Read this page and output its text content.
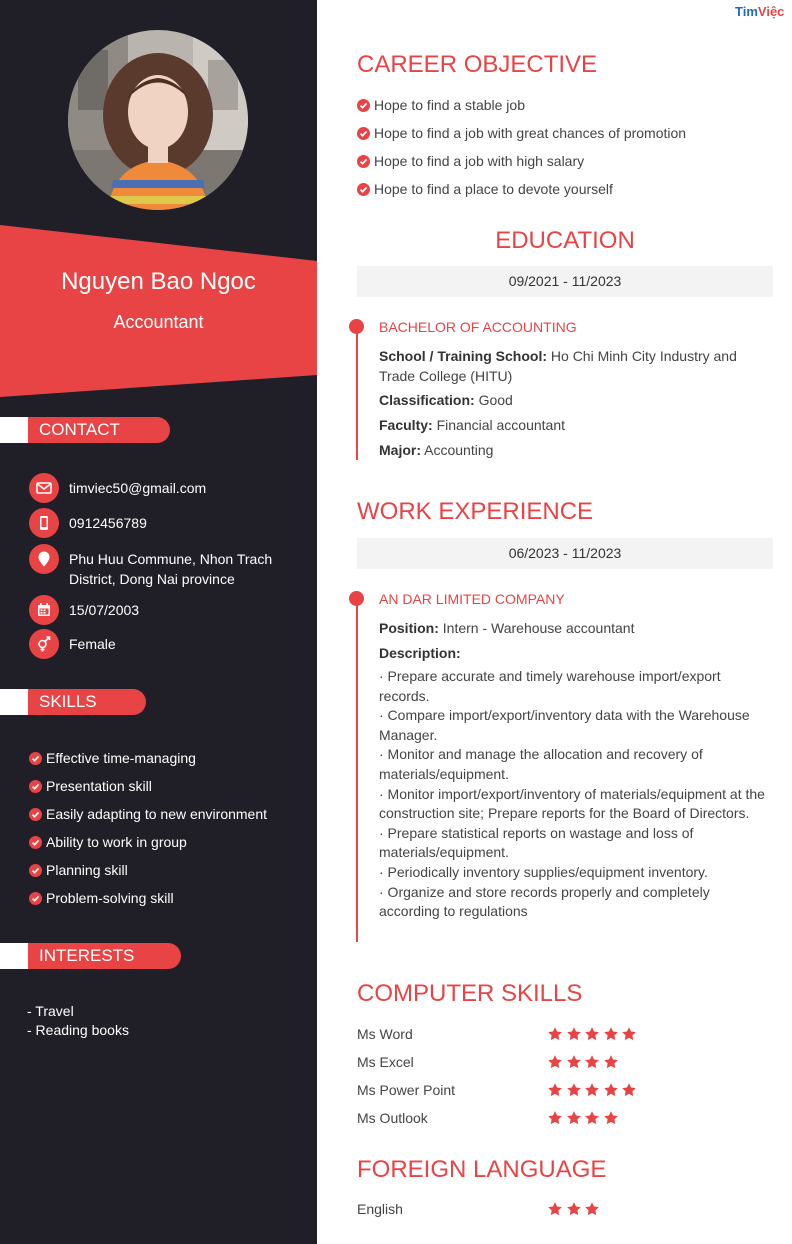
Nguyen Bao Ngoc
Accountant
CONTACT
timviec50@gmail.com
0912456789
Phu Huu Commune, Nhon Trach District, Dong Nai province
15/07/2003
Female
SKILLS
Effective time-managing
Presentation skill
Easily adapting to new environment
Ability to work in group
Planning skill
Problem-solving skill
INTERESTS
- Travel
- Reading books
TimViệc
CAREER OBJECTIVE
Hope to find a stable job
Hope to find a job with great chances of promotion
Hope to find a job with high salary
Hope to find a place to devote yourself
EDUCATION
09/2021 - 11/2023
BACHELOR OF ACCOUNTING
School / Training School: Ho Chi Minh City Industry and Trade College (HITU)
Classification: Good
Faculty: Financial accountant
Major: Accounting
WORK EXPERIENCE
06/2023 - 11/2023
AN DAR LIMITED COMPANY
Position: Intern - Warehouse accountant
Description:
· Prepare accurate and timely warehouse import/export records.
· Compare import/export/inventory data with the Warehouse Manager.
· Monitor and manage the allocation and recovery of materials/equipment.
· Monitor import/export/inventory of materials/equipment at the construction site; Prepare reports for the Board of Directors.
· Prepare statistical reports on wastage and loss of materials/equipment.
· Periodically inventory supplies/equipment inventory.
· Organize and store records properly and completely according to regulations
COMPUTER SKILLS
Ms Word
Ms Excel
Ms Power Point
Ms Outlook
FOREIGN LANGUAGE
English
